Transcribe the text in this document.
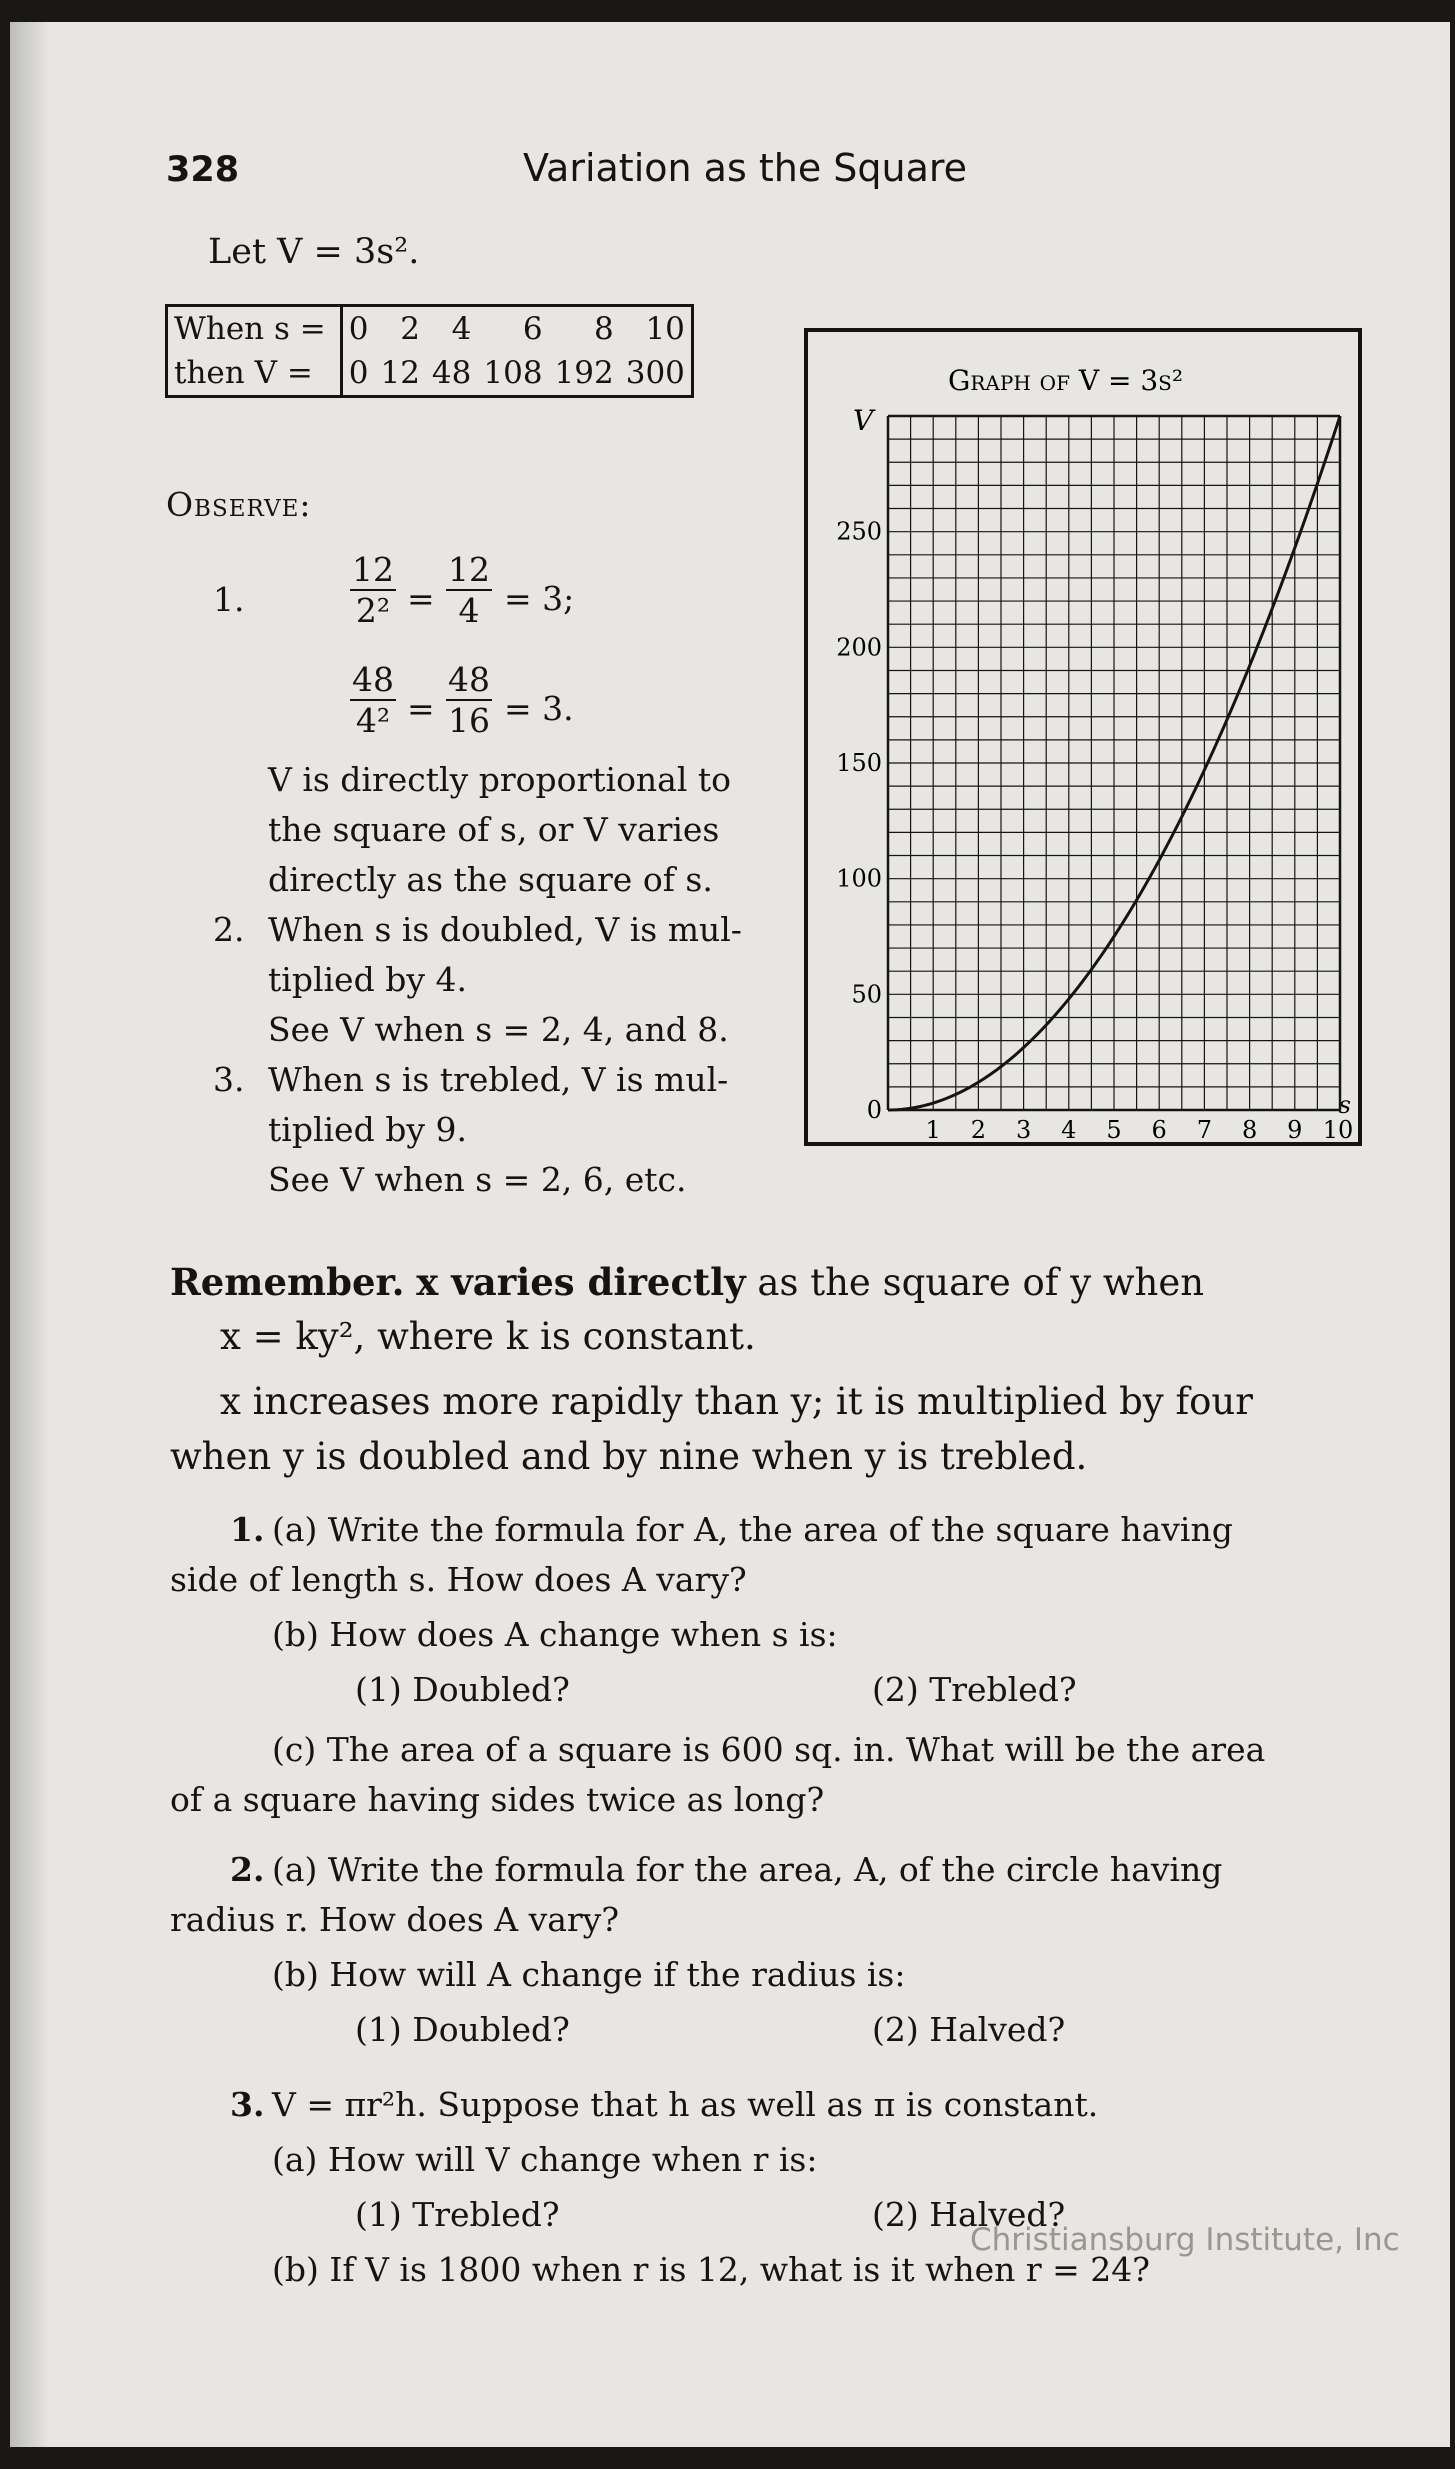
328	Variation as the Square
Let V = 3s².
When s =	0	2	4	6	8	10
then V =	0	12	48	108	192	300
Observe:
1.	$\frac{12}{\text{2²}} = \frac{12}{4} = 3$;
$\frac{48}{\text{4²}} = \frac{48}{16} = 3$.
V is directly proportional to
the square of s, or V varies
directly as the square of s.
2. When s is doubled, V is mul-
tiplied by 4.
See V when s = 2, 4, and 8.
3. When s is trebled, V is mul-
tiplied by 9.
See V when s = 2, 6, etc.
Graph of V = 3s²
V
s
0
50
100
150
200
250
1 2 3 4 5 6 7 8 9 10
Remember. x varies directly as the square of y when
x = ky², where k is constant.
x increases more rapidly than y; it is multiplied by four
when y is doubled and by nine when y is trebled.
1. (a) Write the formula for A, the area of the square having
side of length s. How does A vary?
(b) How does A change when s is:
(1) Doubled?	(2) Trebled?
(c) The area of a square is 600 sq. in. What will be the area
of a square having sides twice as long?
2. (a) Write the formula for the area, A, of the circle having
radius r. How does A vary?
(b) How will A change if the radius is:
(1) Doubled?	(2) Halved?
3. V = πr²h. Suppose that h as well as π is constant.
(a) How will V change when r is:
(1) Trebled?	(2) Halved?
(b) If V is 1800 when r is 12, what is it when r = 24?
Christiansburg Institute, Inc
